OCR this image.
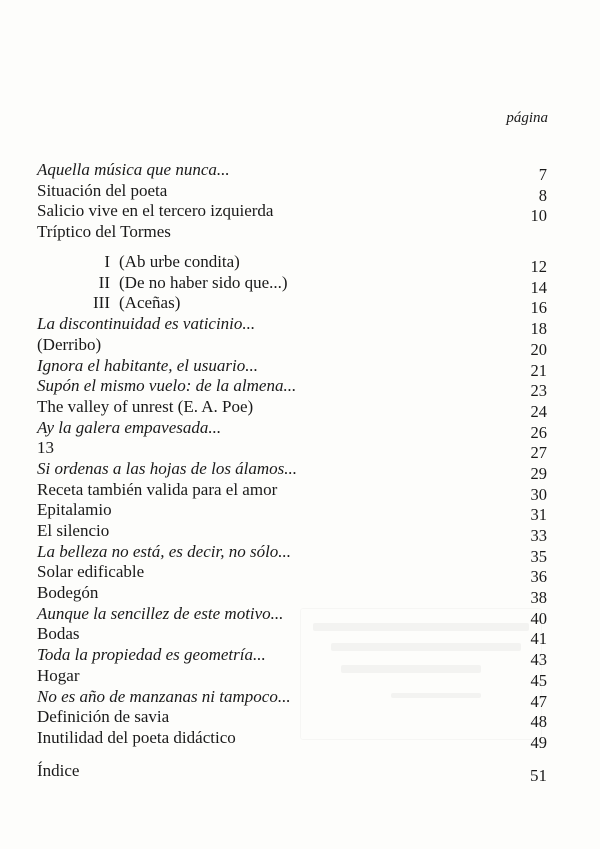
página
Aquella música que nunca...	7
Situación del poeta	8
Salicio vive en el tercero izquierda	10
Tríptico del Tormes
I (Ab urbe condita)	12
II (De no haber sido que...)	14
III (Aceñas)	16
La discontinuidad es vaticinio...	18
(Derribo)	20
Ignora el habitante, el usuario...	21
Supón el mismo vuelo: de la almena...	23
The valley of unrest (E. A. Poe)	24
Ay la galera empavesada...	26
13	27
Si ordenas a las hojas de los álamos...	29
Receta también valida para el amor	30
Epitalamio	31
El silencio	33
La belleza no está, es decir, no sólo...	35
Solar edificable	36
Bodegón	38
Aunque la sencillez de este motivo...	40
Bodas	41
Toda la propiedad es geometría...	43
Hogar	45
No es año de manzanas ni tampoco...	47
Definición de savia	48
Inutilidad del poeta didáctico	49
Índice	51
